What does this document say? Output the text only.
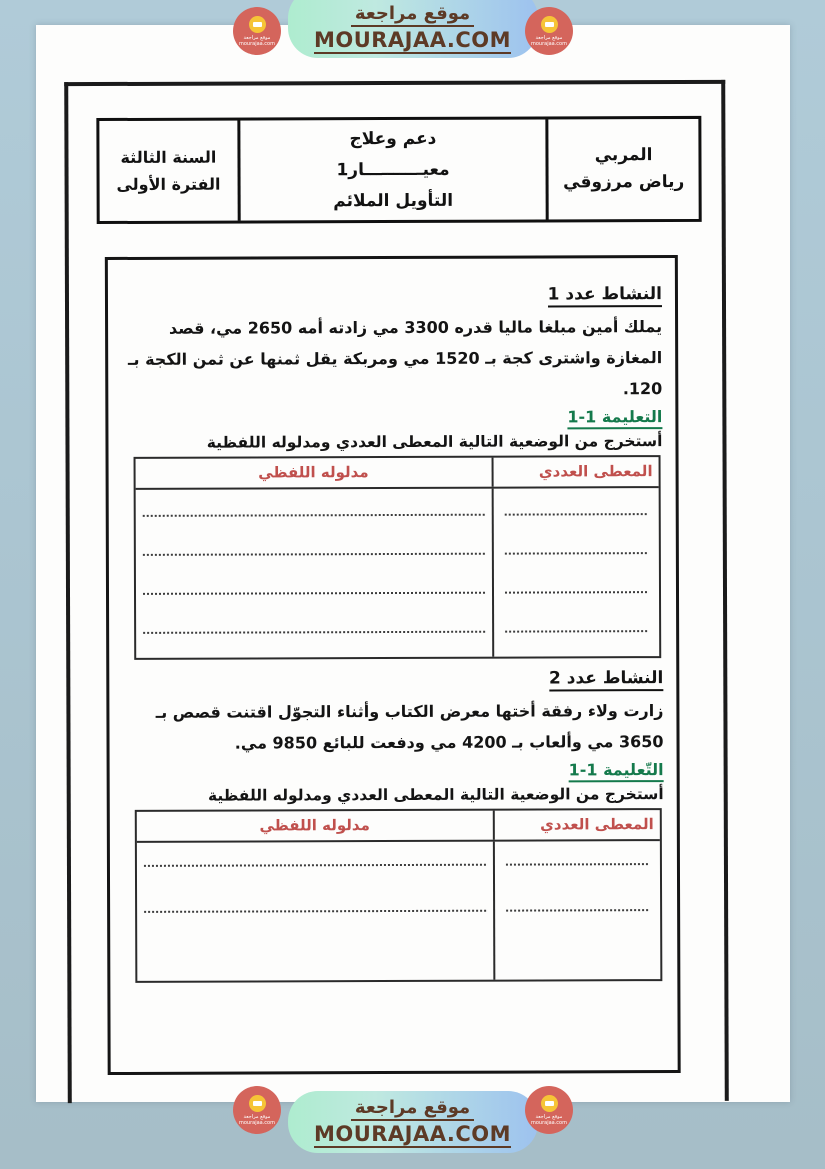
المربي
رياض مرزوقي
دعم وعلاج
معيــــــــــار1
التأويل الملائم
السنة الثالثة
الفترة الأولى
النشاط عدد 1

يملك أمين مبلغا ماليا قدره 3300 مي زادته أمه 2650 مي، قصد المغازة واشترى كجة بـ 1520 مي ومربكة يقل ثمنها عن ثمن الكجة بـ 120.

التعليمة 1-1
أستخرج من الوضعية التالية المعطى العددي ومدلوله اللفظية
المعطى العددي
مدلوله اللفظي
النشاط عدد 2

زارت ولاء رفقة أختها معرض الكتاب وأثناء التجوّل اقتنت قصص بـ 3650 مي وألعاب بـ 4200 مي ودفعت للبائع 9850 مي.

التّعليمة 1-1
أستخرج من الوضعية التالية المعطى العددي ومدلوله اللفظية
المعطى العددي
مدلوله اللفظي
موقع مراجعة
mourajaa.com
موقع مراجعة
MOURAJAA.COM	موقع مراجعة
mourajaa.com
موقع مراجعة
mourajaa.com
موقع مراجعة
MOURAJAA.COM
موقع مراجعة
mourajaa.com
